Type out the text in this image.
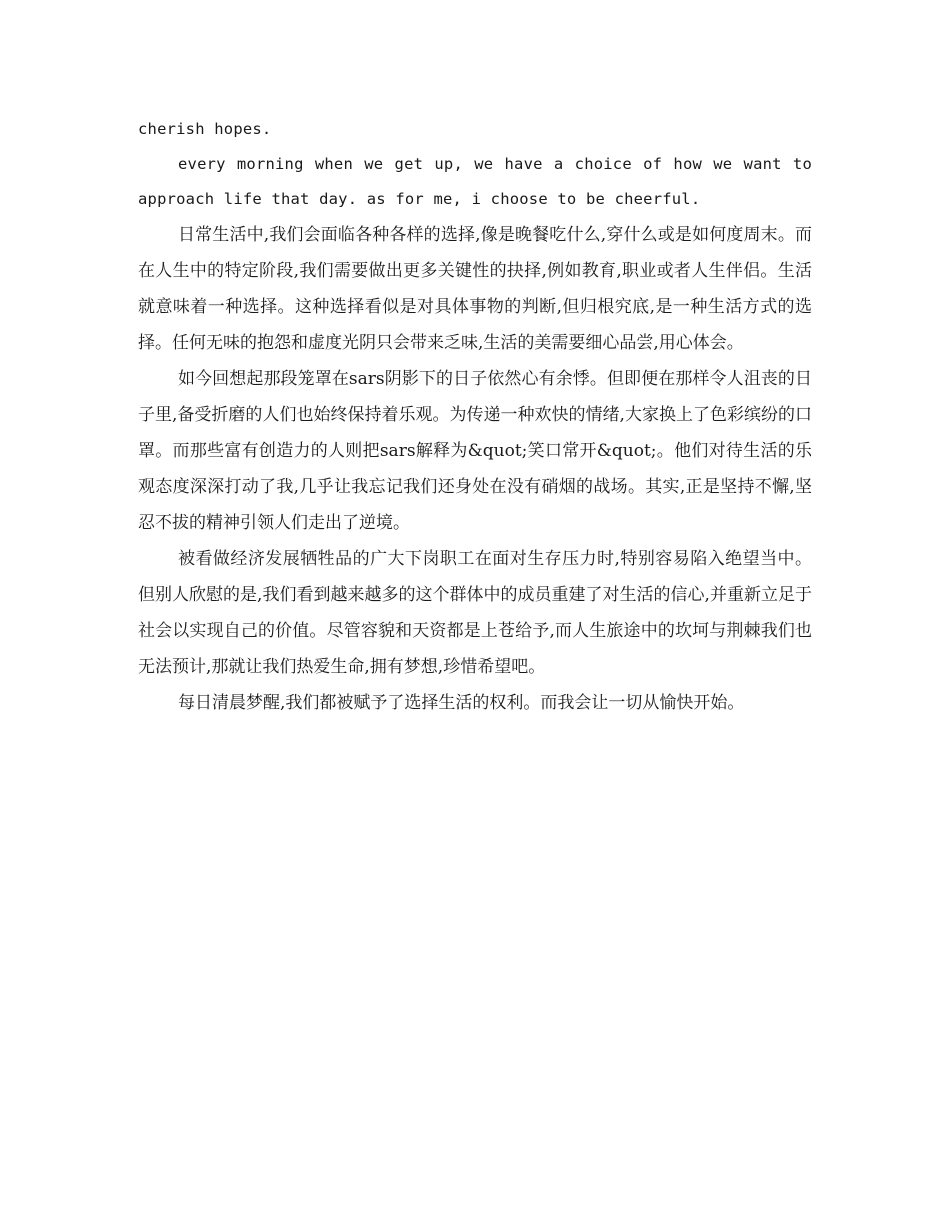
cherish hopes.

every morning when we get up, we have a choice of how we want to approach life that day. as for me, i choose to be cheerful.

日常生活中,我们会面临各种各样的选择,像是晚餐吃什么,穿什么或是如何度周末。而在人生中的特定阶段,我们需要做出更多关键性的抉择,例如教育,职业或者人生伴侣。生活就意味着一种选择。这种选择看似是对具体事物的判断,但归根究底,是一种生活方式的选择。任何无味的抱怨和虚度光阴只会带来乏味,生活的美需要细心品尝,用心体会。

如今回想起那段笼罩在sars阴影下的日子依然心有余悸。但即便在那样令人沮丧的日子里,备受折磨的人们也始终保持着乐观。为传递一种欢快的情绪,大家换上了色彩缤纷的口罩。而那些富有创造力的人则把sars解释为&quot;笑口常开&quot;。他们对待生活的乐观态度深深打动了我,几乎让我忘记我们还身处在没有硝烟的战场。其实,正是坚持不懈,坚忍不拔的精神引领人们走出了逆境。

被看做经济发展牺牲品的广大下岗职工在面对生存压力时,特别容易陷入绝望当中。但别人欣慰的是,我们看到越来越多的这个群体中的成员重建了对生活的信心,并重新立足于社会以实现自己的价值。尽管容貌和天资都是上苍给予,而人生旅途中的坎坷与荆棘我们也无法预计,那就让我们热爱生命,拥有梦想,珍惜希望吧。

每日清晨梦醒,我们都被赋予了选择生活的权利。而我会让一切从愉快开始。
